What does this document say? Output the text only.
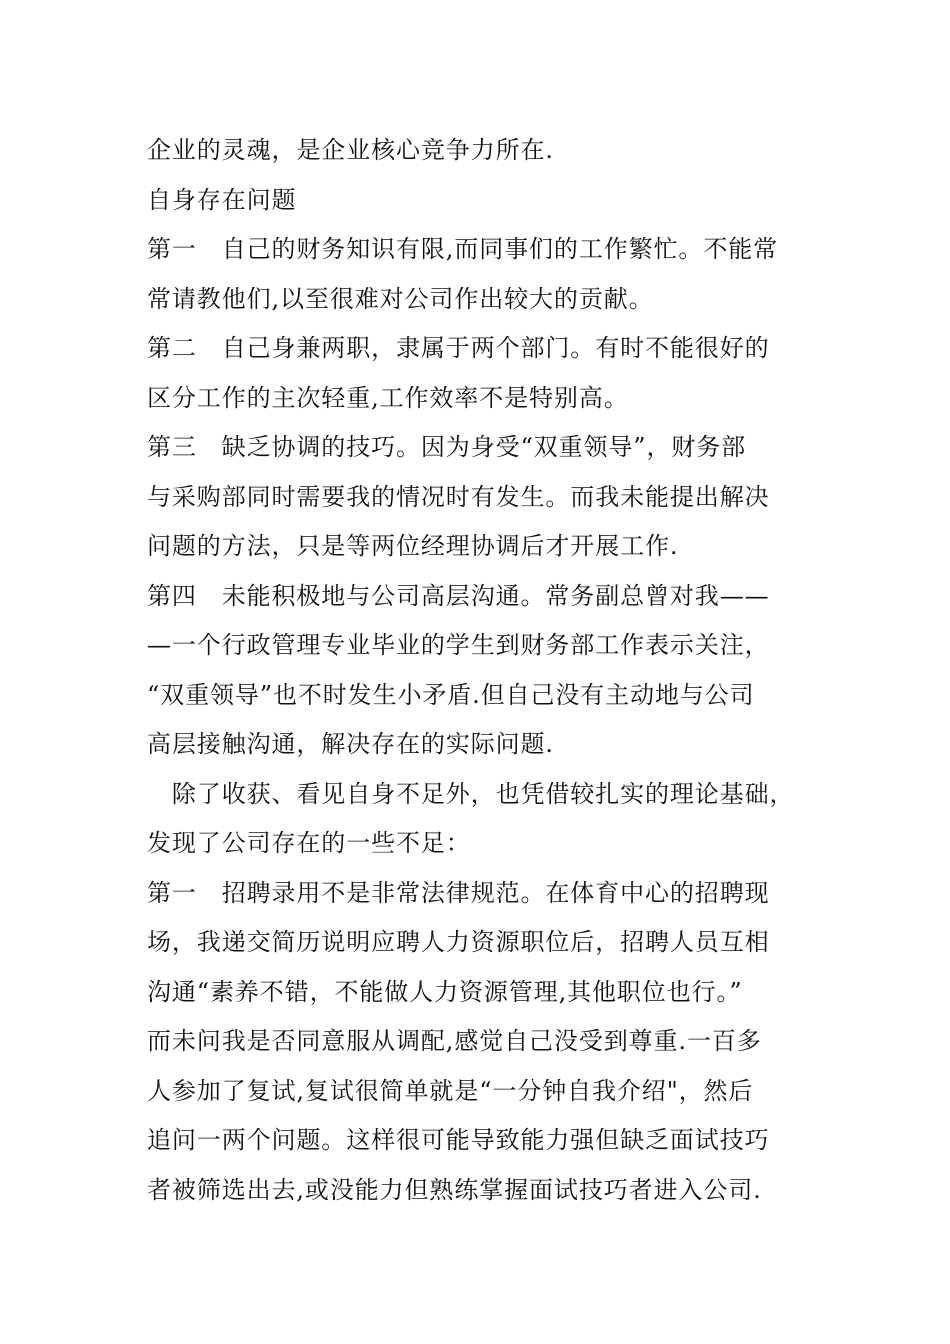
企业的灵魂，是企业核心竞争力所在.
自身存在问题
第一　自己的财务知识有限,而同事们的工作繁忙。不能常
常请教他们,以至很难对公司作出较大的贡献。
第二　自己身兼两职，隶属于两个部门。有时不能很好的
区分工作的主次轻重,工作效率不是特别高。
第三　缺乏协调的技巧。因为身受“双重领导”，财务部
与采购部同时需要我的情况时有发生。而我未能提出解决
问题的方法，只是等两位经理协调后才开展工作.
第四　未能积极地与公司高层沟通。常务副总曾对我——
—一个行政管理专业毕业的学生到财务部工作表示关注，
“双重领导”也不时发生小矛盾.但自己没有主动地与公司
高层接触沟通，解决存在的实际问题.
　除了收获、看见自身不足外，也凭借较扎实的理论基础，
发现了公司存在的一些不足：
第一　招聘录用不是非常法律规范。在体育中心的招聘现
场，我递交简历说明应聘人力资源职位后，招聘人员互相
沟通“素养不错，不能做人力资源管理,其他职位也行。”
而未问我是否同意服从调配,感觉自己没受到尊重.一百多
人参加了复试,复试很简单就是“一分钟自我介绍"，然后
追问一两个问题。这样很可能导致能力强但缺乏面试技巧
者被筛选出去,或没能力但熟练掌握面试技巧者进入公司.
